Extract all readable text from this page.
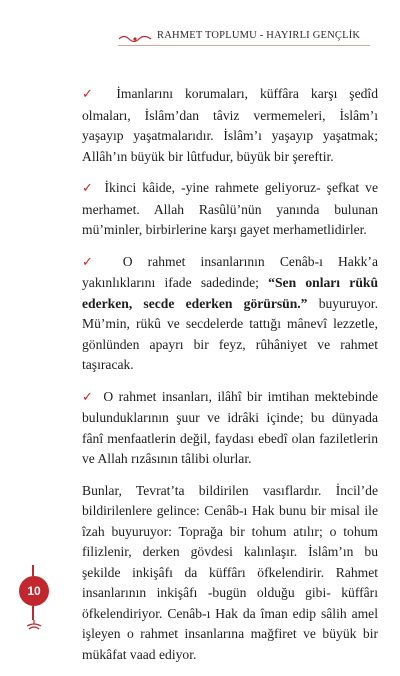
RAHMET TOPLUMU - HAYIRLI GENÇLİK

✓ İmanlarını korumaları, küffâra karşı şedîd olmaları, İslâm’dan tâviz vermemeleri, İslâm’ı yaşayıp yaşatmalarıdır. İslâm’ı yaşayıp yaşatmak; Allâh’ın büyük bir lûtfudur, büyük bir şereftir.

✓ İkinci kâide, -yine rahmete geliyoruz- şefkat ve merhamet. Allah Rasûlü’nün yanında bulunan mü’minler, birbirlerine karşı gayet merhametlidirler.

✓ O rahmet insanlarının Cenâb-ı Hakk’a yakınlıklarını ifade sadedinde; “Sen onları rükû ederken, secde ederken görürsün.” buyuruyor. Mü’min, rükû ve secdelerde tattığı mânevî lezzetle, gönlünden apayrı bir feyz, rûhâniyet ve rahmet taşıracak.

✓ O rahmet insanları, ilâhî bir imtihan mektebinde bulunduklarının şuur ve idrâki içinde; bu dünyada fânî menfaatlerin değil, faydası ebedî olan faziletlerin ve Allah rızâsının tâlibi olurlar.

Bunlar, Tevrat’ta bildirilen vasıflardır. İncil’de bildirilenlere gelince: Cenâb-ı Hak bunu bir misal ile îzah buyuruyor: Toprağa bir tohum atılır; o tohum filizlenir, derken gövdesi kalınlaşır. İslâm’ın bu şekilde inkişâfı da küffârı öfkelendirir. Rahmet insanlarının inkişâfı -bugün olduğu gibi- küffârı öfkelendiriyor. Cenâb-ı Hak da îman edip sâlih amel işleyen o rahmet insanlarına mağfiret ve büyük bir mükâfat vaad ediyor.

10
